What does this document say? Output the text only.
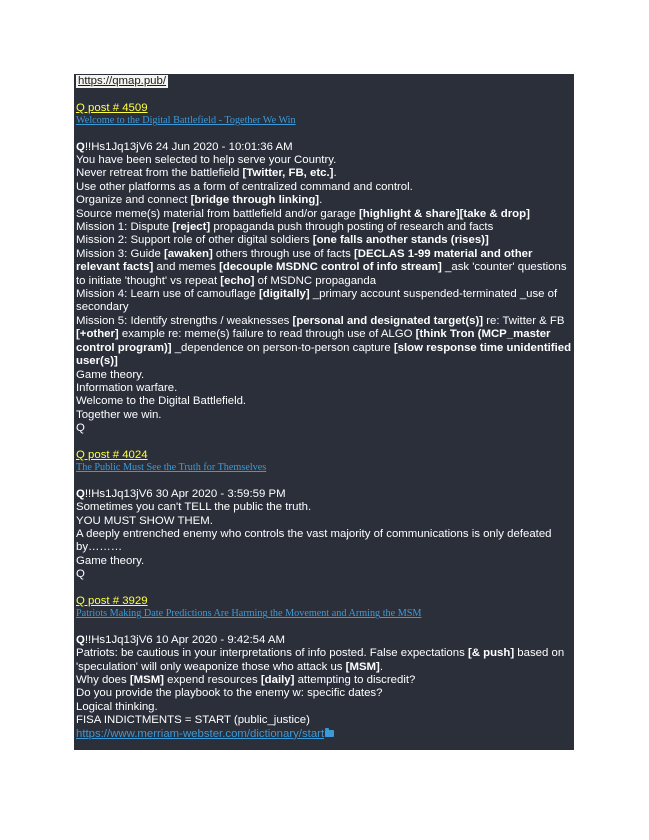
https://qmap.pub/
Q post # 4509
Welcome to the Digital Battlefield - Together We Win
Q!!Hs1Jq13jV6 24 Jun 2020 - 10:01:36 AM
You have been selected to help serve your Country.
Never retreat from the battlefield [Twitter, FB, etc.].
Use other platforms as a form of centralized command and control.
Organize and connect [bridge through linking].
Source meme(s) material from battlefield and/or garage [highlight & share][take & drop]
Mission 1: Dispute [reject] propaganda push through posting of research and facts
Mission 2: Support role of other digital soldiers [one falls another stands (rises)]
Mission 3: Guide [awaken] others through use of facts [DECLAS 1-99 material and other relevant facts] and memes [decouple MSDNC control of info stream] _ask 'counter' questions to initiate 'thought' vs repeat [echo] of MSDNC propaganda
Mission 4: Learn use of camouflage [digitally] _primary account suspended-terminated _use of secondary
Mission 5: Identify strengths / weaknesses [personal and designated target(s)] re: Twitter & FB [+other] example re: meme(s) failure to read through use of ALGO [think Tron (MCP_master control program)] _dependence on person-to-person capture [slow response time unidentified user(s)]
Game theory.
Information warfare.
Welcome to the Digital Battlefield.
Together we win.
Q
Q post # 4024
The Public Must See the Truth for Themselves
Q!!Hs1Jq13jV6 30 Apr 2020 - 3:59:59 PM
Sometimes you can't TELL the public the truth.
YOU MUST SHOW THEM.
A deeply entrenched enemy who controls the vast majority of communications is only defeated by………
Game theory.
Q
Q post # 3929
Patriots Making Date Predictions Are Harming the Movement and Arming the MSM
Q!!Hs1Jq13jV6 10 Apr 2020 - 9:42:54 AM
Patriots: be cautious in your interpretations of info posted. False expectations [& push] based on 'speculation' will only weaponize those who attack us [MSM].
Why does [MSM] expend resources [daily] attempting to discredit?
Do you provide the playbook to the enemy w: specific dates?
Logical thinking.
FISA INDICTMENTS = START (public_justice)
https://www.merriam-webster.com/dictionary/start
